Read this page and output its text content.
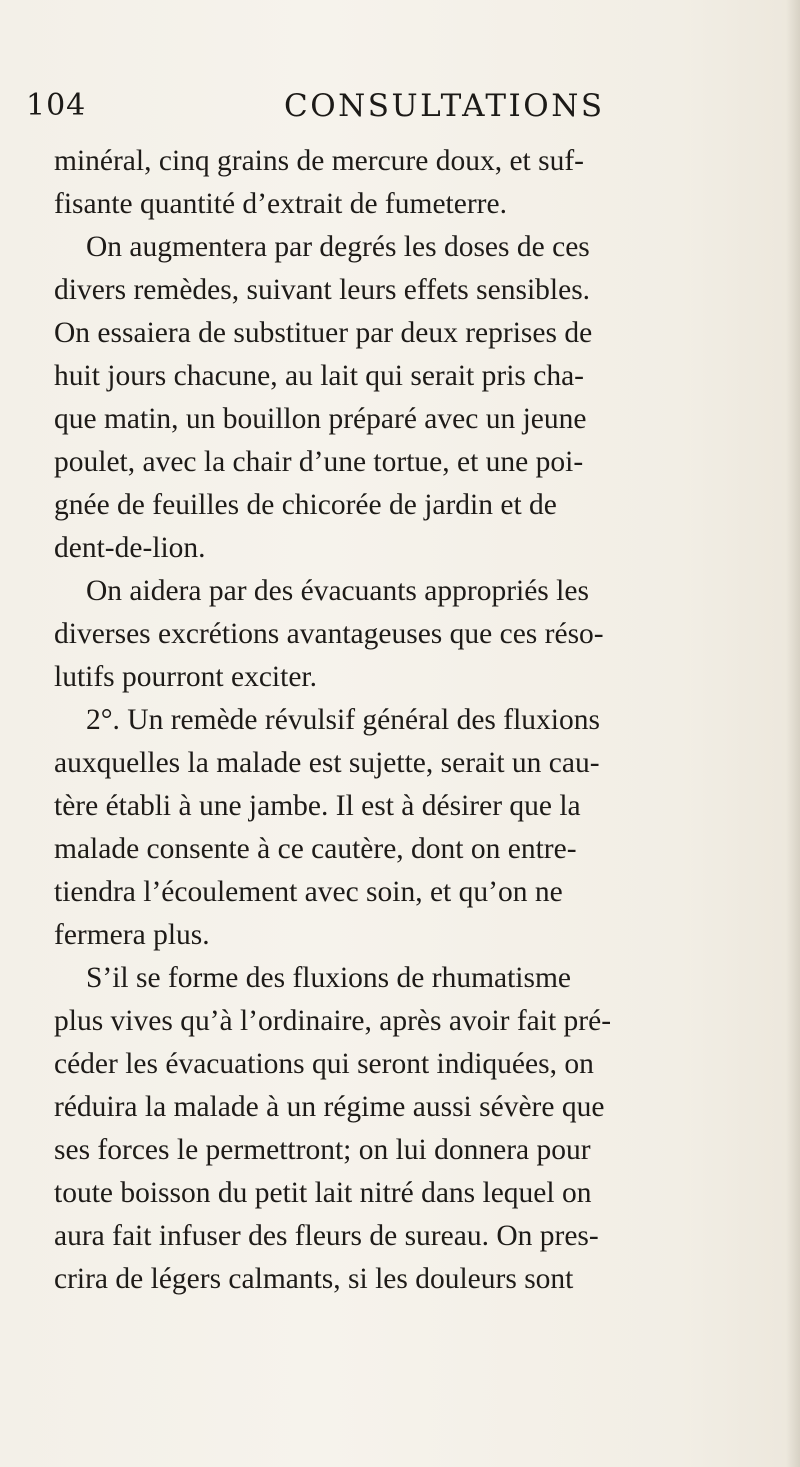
104	CONSULTATIONS
minéral, cinq grains de mercure doux, et suf-
fisante quantité d’extrait de fumeterre.
On augmentera par degrés les doses de ces
divers remèdes, suivant leurs effets sensibles.
On essaiera de substituer par deux reprises de
huit jours chacune, au lait qui serait pris cha-
que matin, un bouillon préparé avec un jeune
poulet, avec la chair d’une tortue, et une poi-
gnée de feuilles de chicorée de jardin et de
dent-de-lion.
On aidera par des évacuants appropriés les
diverses excrétions avantageuses que ces réso-
lutifs pourront exciter.
2°. Un remède révulsif général des fluxions
auxquelles la malade est sujette, serait un cau-
tère établi à une jambe. Il est à désirer que la
malade consente à ce cautère, dont on entre-
tiendra l’écoulement avec soin, et qu’on ne
fermera plus.
S’il se forme des fluxions de rhumatisme
plus vives qu’à l’ordinaire, après avoir fait pré-
céder les évacuations qui seront indiquées, on
réduira la malade à un régime aussi sévère que
ses forces le permettront; on lui donnera pour
toute boisson du petit lait nitré dans lequel on
aura fait infuser des fleurs de sureau. On pres-
crira de légers calmants, si les douleurs sont
